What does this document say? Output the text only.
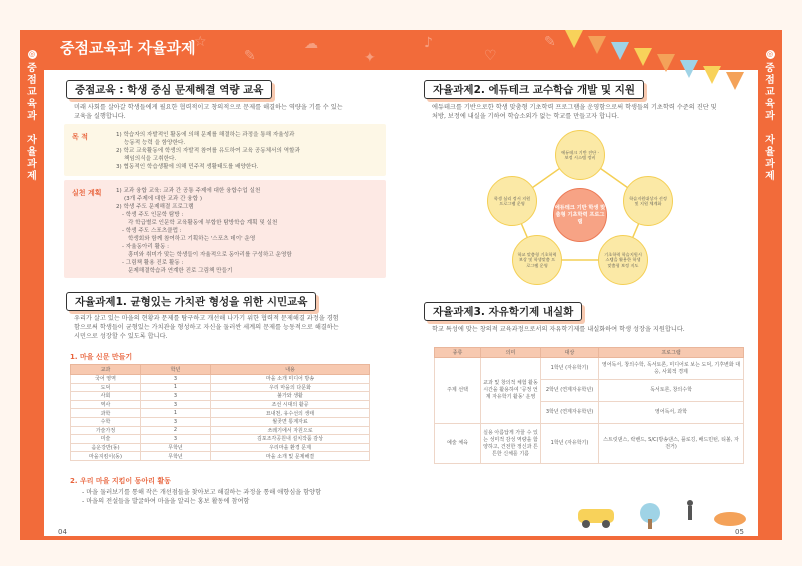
◎
중
점
교
육
과

자
율
과
제
◎
중
점
교
육
과

자
율
과
제
☆
✎
☁
✦
♪
♡
✎
중점교육과 자율과제
중점교육 : 학생 중심 문제해결 역량 교육
미래 사회를 살아갈 학생들에게 필요한 협력적이고 창의적으로 문제를 해결하는 역량을 기를 수 있는 교육을 실행합니다.
목 적	1) 학습자의 자발적인 활동에 의해 문제를 해결하는 과정을 통해 자율성과
능동적 능력 을 함양한다.
2) 학교 교육활동에 학생의 자발적 참여를 유도하여 교육 공동체서의 역할과
책임의식을 고취한다.
3) 협동적인 학습생활에 의해 민주적 생활태도를 배양한다.
실천 계획	1) 교과 융합 교육: 교과 간 공통 주제에 대한 융합수업 실천
(3개 주제에 대한 교과 간 융합 )
2) 학생 주도 문제해결 프로그램
- 학생 주도 인문학 탐방 :
각 학급별로 인문학 교육활동에 부합한 탐방학습 계획 및 실천
- 학생 주도 스포츠클럽 :
학생회와 함께 참여하고 기획하는 '스포츠 데이' 운영
- 자율동아리 활동 :
흥미와 취미가 맞는 학생들이 자율적으로 동아리를 구성하고 운영함
- 그림책 활용 진로 활동 :
문제해결학습과 연계한 진로 그림책 만들기
자율과제1. 균형있는 가치관 형성을 위한 시민교육
우리가 살고 있는 마을의 현황과 문제를 탐구하고 개선해 나가기 위한 협력적 문제해결 과정을 경험함으로써 학생들이 균형있는 가치관을 형성하고 자신을 둘러싼 세계의 문제를 능동적으로 해결하는 시민으로 성장할 수 있도록 합니다.
1. 마을 신문 만들기
교과	학년	내용
국어 영역	3	마을 소개 미디어 방송
도덕	1	우리 마을의 다문화
사회	3	불가와 생활
역사	3	조선 시대의 활공
과학	1	묘내천, 유수선의 생태
수학	3	월곶면 통계자료
가술가정	2	쓰레기에서 자원으로
미술	3	김포조각공원내 설치작품 감상
음운강반(동)	무학년	우리마을 환경 문제
마을지킴이(동)	무학년	마을 소개 및 문제해결
2. 우리 마을 지킴이 동아리 활동
- 마을 둘러보기를 통해 작은 개선점들을 찾아보고 해결하는 과정을 통해 애향심을 함양함
- 마을의 전설들을 발굴하여 마을을 알리는 홍보 활동에 참여함
자율과제2. 에듀테크 교수학습 개발 및 지원
에듀테크를 기반으로한 학생 맞춤형 기초학력 프로그램을 운영함으로써 학생들의 기초학력 수준의 진단 및 처방, 보정에 내실을 기하여 학습소외가 없는 학교를 만들고자 합니다.
에듀테크 기반 진단 · 보정 시스템 정비
학습지원대상자 선정 및 지원 체계화
기초학력 학습지원시스템을 활용한 학생 맞춤형 보정 지도
학교 맞춤형 기초학력 보상 및 학생맞춤 프로그램 운영
학생 심리 정서 지원 프로그램 운영
에듀테크 기반 학생 맞춤형 기초학력 프로그램
자율과제3. 자유학기제 내실화
학교 특성에 맞는 창의적 교육과정으로서의 자유학기제를 내실화하여 학생 성장을 지원합니다.
종류	의미	대상	프로그램
주제 선택	교과 및 창의적 체험 활동 시간을 활용하여 '공정 언계 자유학기 활동' 운영	1학년 (자유학기)	영어독서, 창의수학, 독서토론, 미디어로 보는 도덕, 기후변화 대응, 사회적 경제
		2학년 (연계자유학년)	독서토론, 창의수학
		3학년 (연계자유학년)	영어독서, 과학
예술 체육	실용 아름답게 가꿀 수 있는 성미적 감성 역량을 함양하고, 건전한 정신과 튼튼한 신체를 기름	1학년 (자유학기)	스트릿댄스, 락밴드, S/C(방송댄스, 플로깅, 배드민턴, 티볼, 자전거)
04	05
